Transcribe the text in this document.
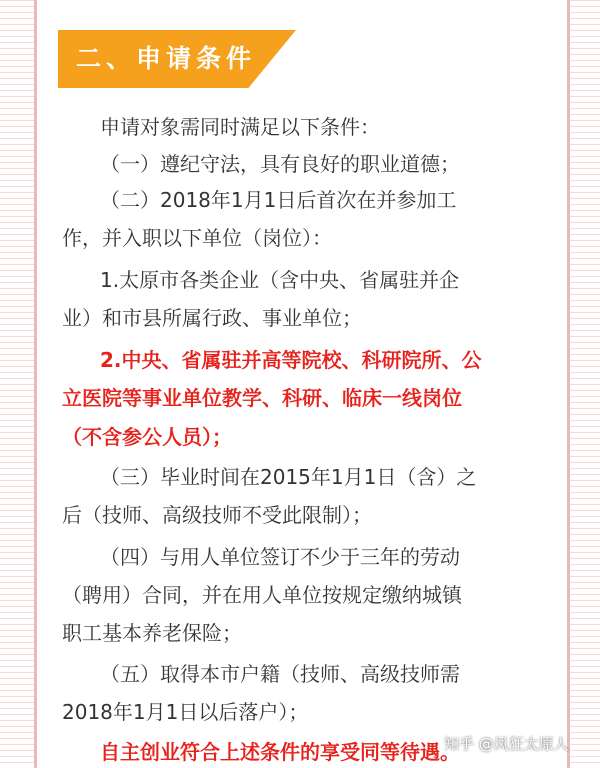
二、申请条件
申请对象需同时满足以下条件：
（一）遵纪守法，具有良好的职业道德；
（二）2018年1月1日后首次在并参加工
作，并入职以下单位（岗位）：
1.太原市各类企业（含中央、省属驻并企
业）和市县所属行政、事业单位；
2.中央、省属驻并高等院校、科研院所、公
立医院等事业单位教学、科研、临床一线岗位
（不含参公人员）；
（三）毕业时间在2015年1月1日（含）之
后（技师、高级技师不受此限制）；
（四）与用人单位签订不少于三年的劳动
（聘用）合同，并在用人单位按规定缴纳城镇
职工基本养老保险；
（五）取得本市户籍（技师、高级技师需
2018年1月1日以后落户）；
自主创业符合上述条件的享受同等待遇。
知乎 @凤狂太原人
